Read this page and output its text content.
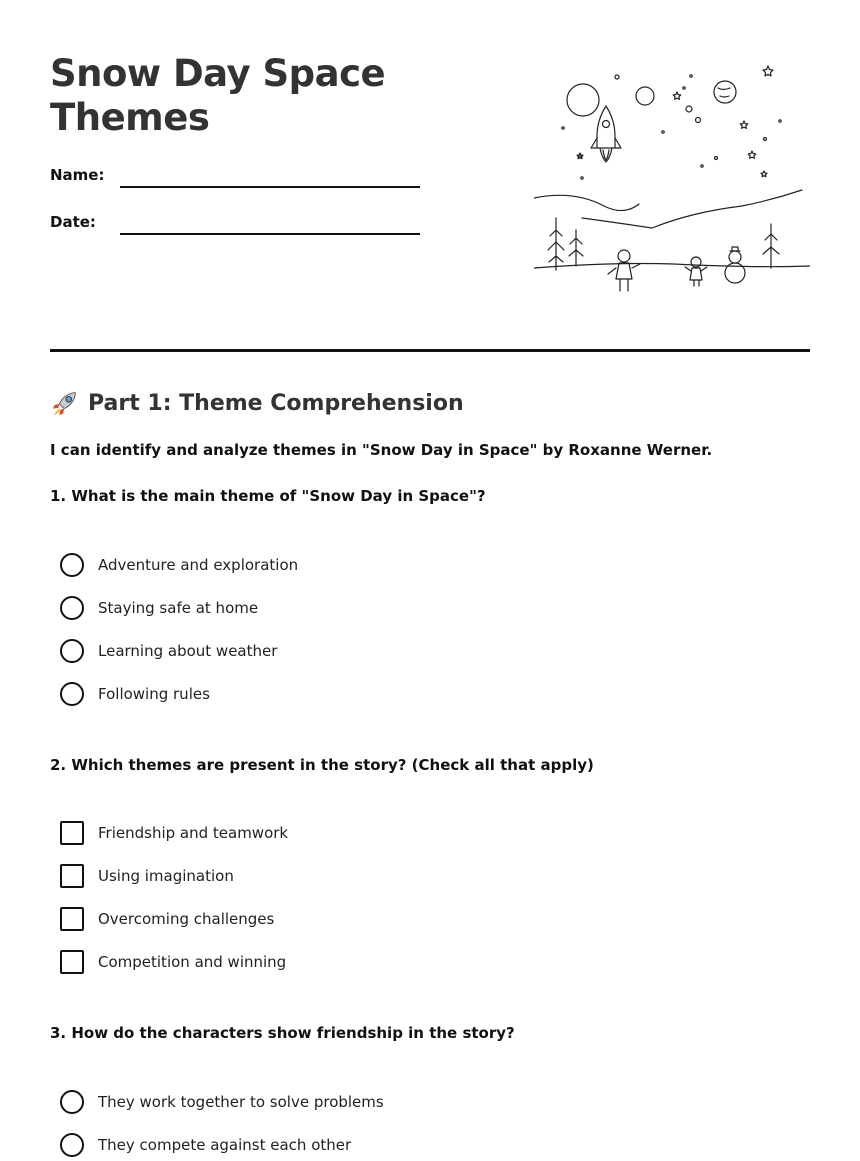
Snow Day Space Themes
Name:
Date:
Part 1: Theme Comprehension
I can identify and analyze themes in "Snow Day in Space" by Roxanne Werner.
1. What is the main theme of "Snow Day in Space"?
Adventure and exploration
Staying safe at home
Learning about weather
Following rules
2. Which themes are present in the story? (Check all that apply)
Friendship and teamwork
Using imagination
Overcoming challenges
Competition and winning
3. How do the characters show friendship in the story?
They work together to solve problems
They compete against each other
